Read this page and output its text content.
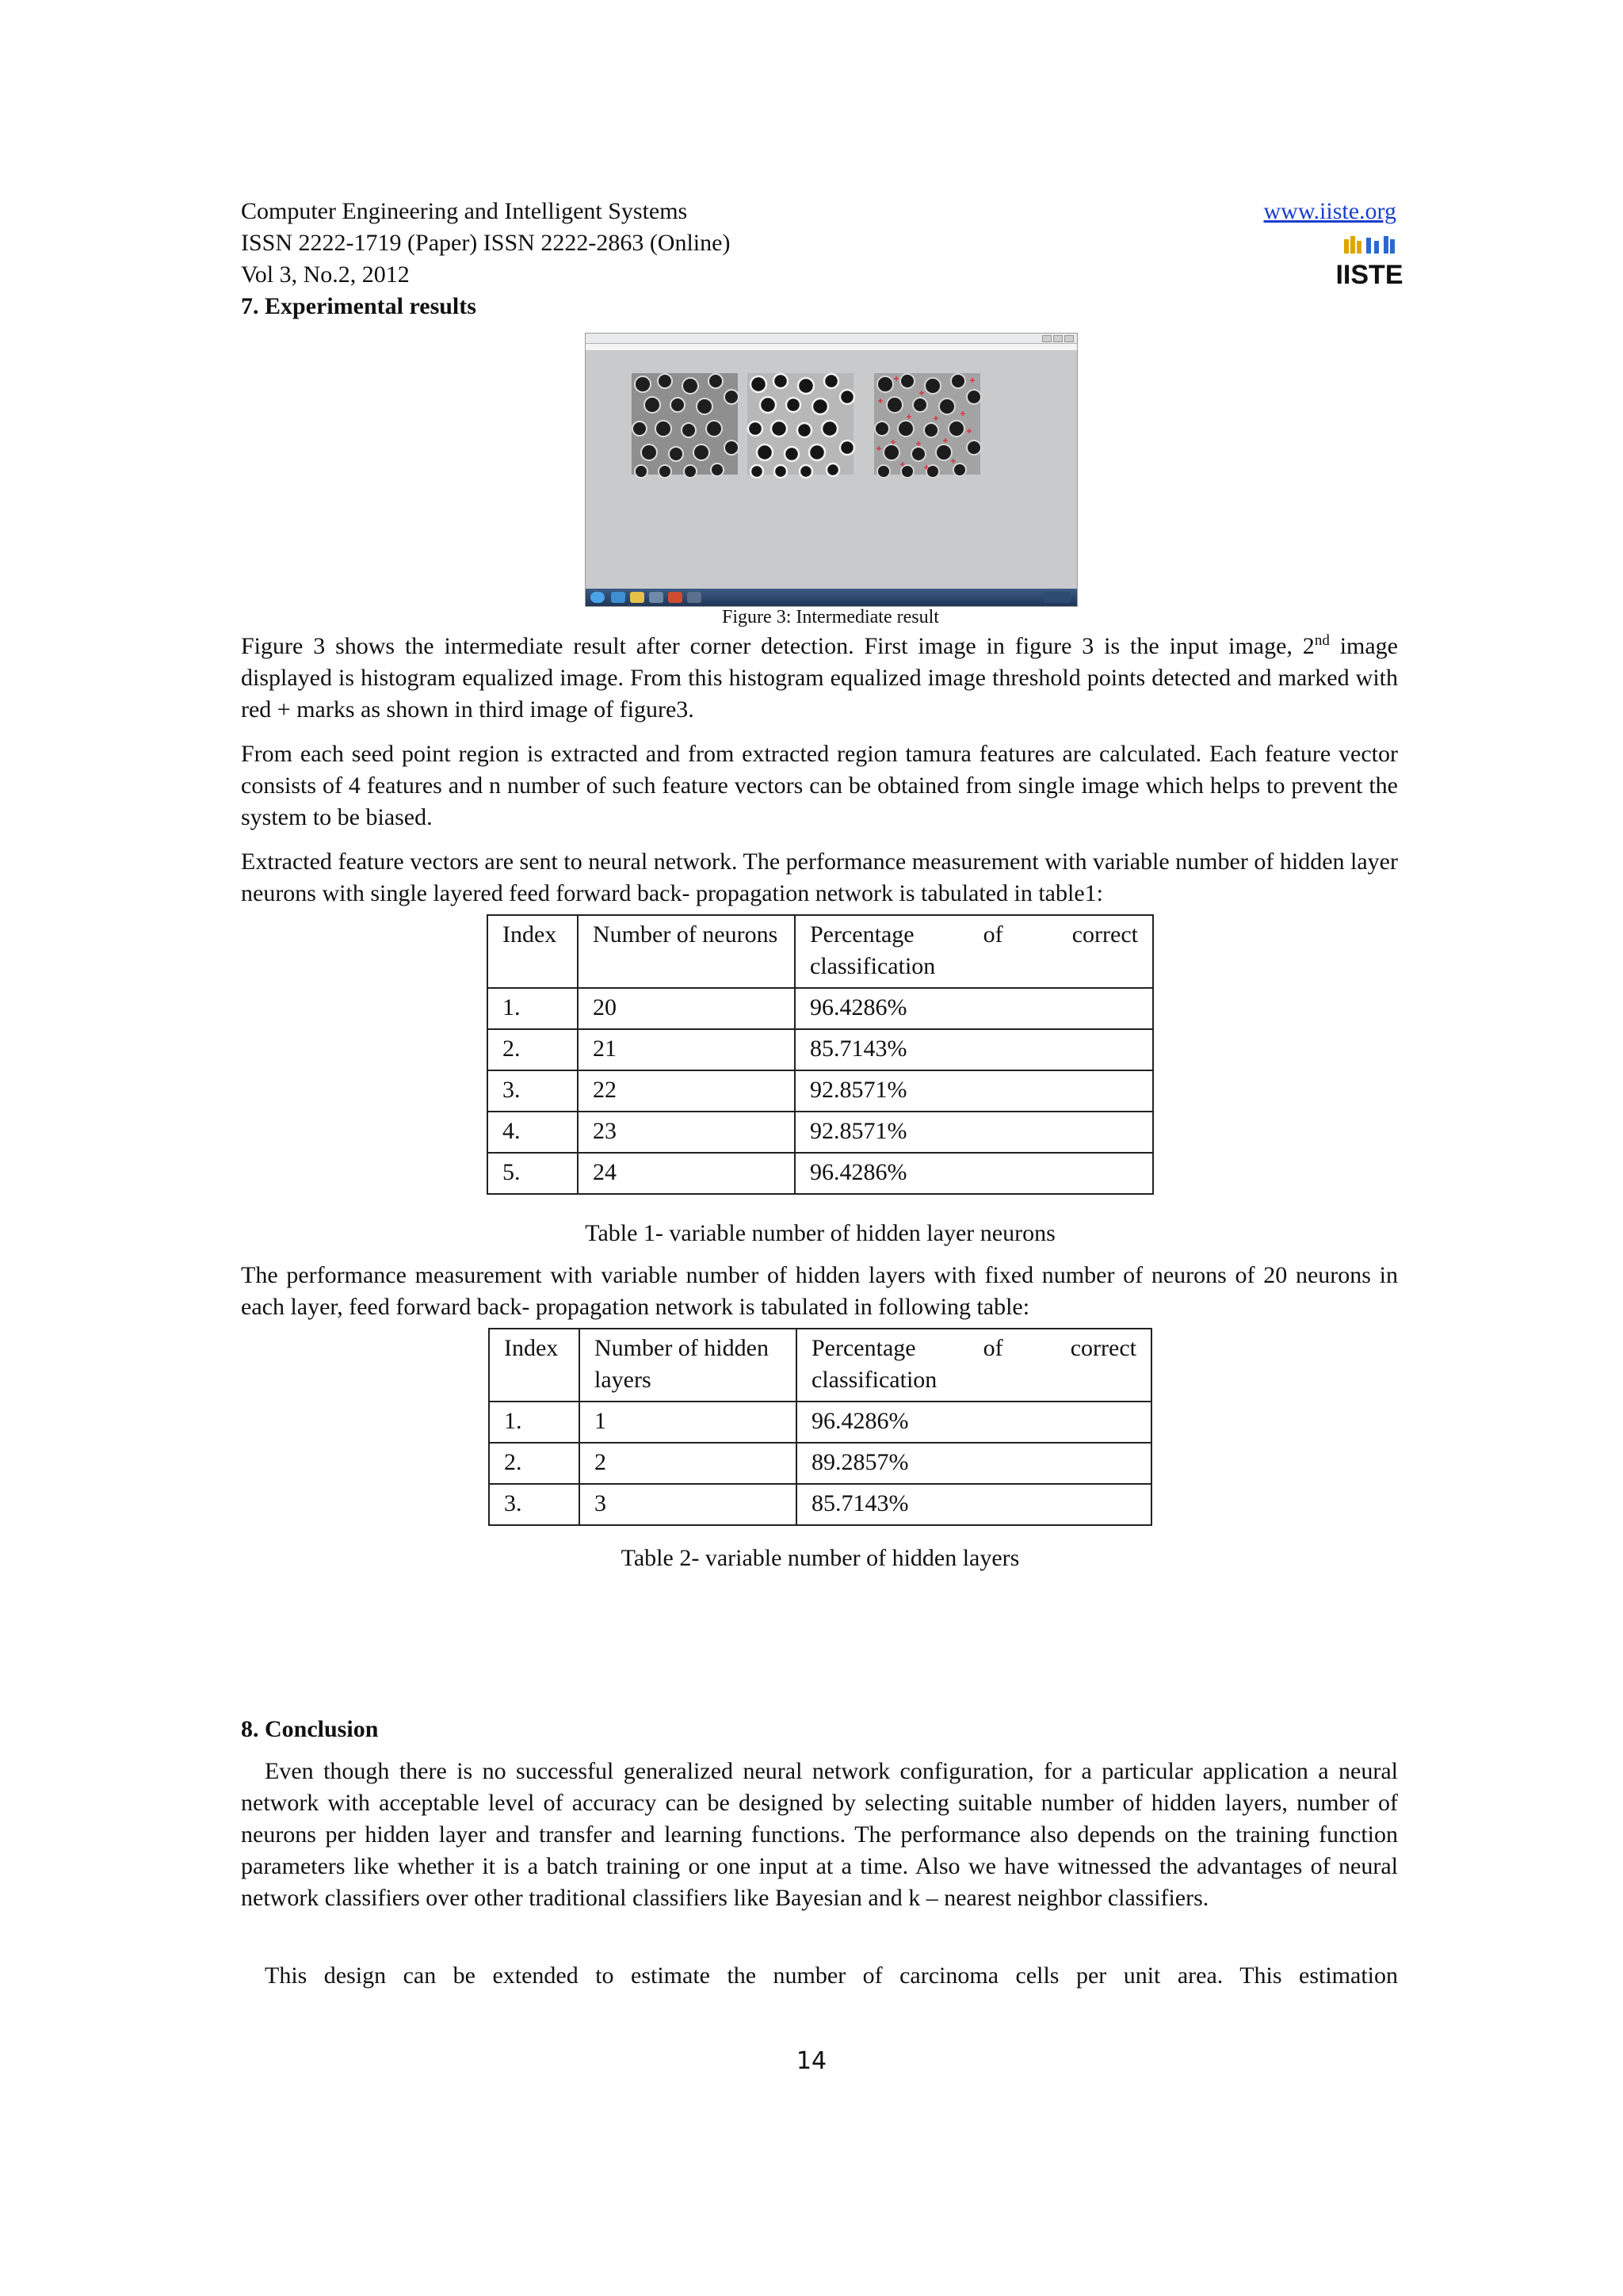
Computer Engineering and Intelligent Systems
ISSN 2222-1719 (Paper) ISSN 2222-2863 (Online)
Vol 3, No.2, 2012
www.iiste.org
IISTE
7. Experimental results
Figure 3: Intermediate result

Figure 3 shows the intermediate result after corner detection. First image in figure 3 is the input image, 2nd image displayed is histogram equalized image. From this histogram equalized image threshold points detected and marked with red + marks as shown in third image of figure3.

From each seed point region is extracted and from extracted region tamura features are calculated. Each feature vector consists of 4 features and n number of such feature vectors can be obtained from single image which helps to prevent the system to be biased.

Extracted feature vectors are sent to neural network. The performance measurement with variable number of hidden layer neurons with single layered feed forward back- propagation network is tabulated in table1:

Index	Number of neurons	Percentage of correct classification
1.	20	96.4286%
2.	21	85.7143%
3.	22	92.8571%
4.	23	92.8571%
5.	24	96.4286%
Table 1- variable number of hidden layer neurons

The performance measurement with variable number of hidden layers with fixed number of neurons of 20 neurons in each layer, feed forward back- propagation network is tabulated in following table:

Index	Number of hidden layers	Percentage of correct classification
1.	1	96.4286%
2.	2	89.2857%
3.	3	85.7143%
Table 2- variable number of hidden layers
8. Conclusion

Even though there is no successful generalized neural network configuration, for a particular application a neural network with acceptable level of accuracy can be designed by selecting suitable number of hidden layers, number of neurons per hidden layer and transfer and learning functions. The performance also depends on the training function parameters like whether it is a batch training or one input at a time. Also we have witnessed the advantages of neural network classifiers over other traditional classifiers like Bayesian and k – nearest neighbor classifiers.

This design can be extended to estimate the number of carcinoma cells per unit area. This estimation

14
